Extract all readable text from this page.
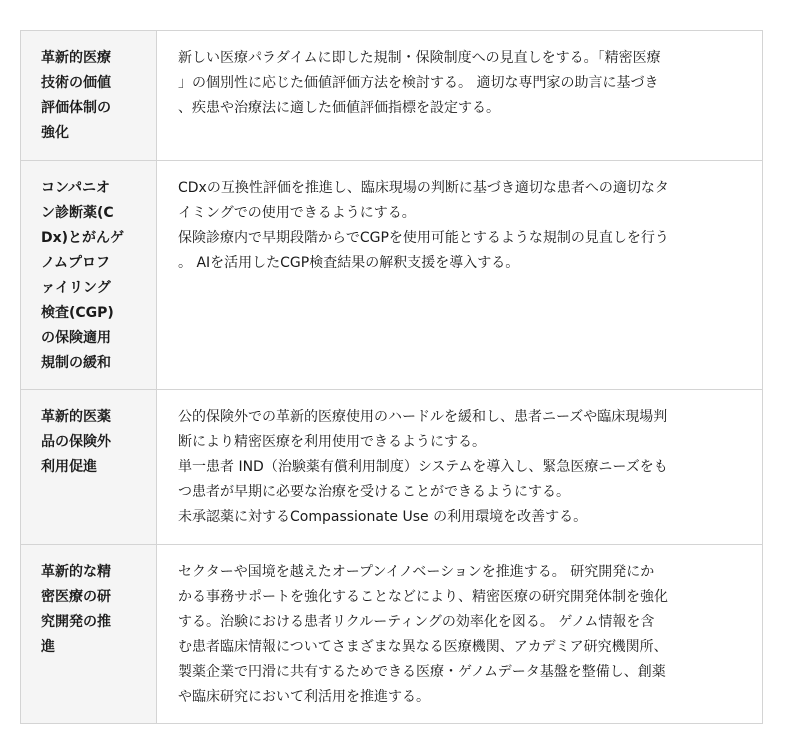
革新的医療
技術の価値
評価体制の
強化

新しい医療パラダイムに即した規制・保険制度への見直しをする。「精密医療
」の個別性に応じた価値評価方法を検討する。 適切な専門家の助言に基づき
、疾患や治療法に適した価値評価指標を設定する。

コンパニオ
ン診断薬(C
Dx)とがんゲ
ノムプロフ
ァイリング
検査(CGP)
の保険適用
規制の緩和

CDxの互換性評価を推進し、臨床現場の判断に基づき適切な患者への適切なタ
イミングでの使用できるようにする。

保険診療内で早期段階からでCGPを使用可能とするような規制の見直しを行う
。 AIを活用したCGP検査結果の解釈支援を導入する。

革新的医薬
品の保険外
利用促進

公的保険外での革新的医療使用のハードルを緩和し、患者ニーズや臨床現場判
断により精密医療を利用使用できるようにする。

単一患者 IND（治験薬有償利用制度）システムを導入し、緊急医療ニーズをも
つ患者が早期に必要な治療を受けることができるようにする。

未承認薬に対するCompassionate Use の利用環境を改善する。

革新的な精
密医療の研
究開発の推
進

セクターや国境を越えたオープンイノベーションを推進する。 研究開発にか
かる事務サポートを強化することなどにより、精密医療の研究開発体制を強化
する。治験における患者リクルーティングの効率化を図る。 ゲノム情報を含
む患者臨床情報についてさまざまな異なる医療機関、アカデミア研究機関所、
製薬企業で円滑に共有するためできる医療・ゲノムデータ基盤を整備し、創薬
や臨床研究において利活用を推進する。
